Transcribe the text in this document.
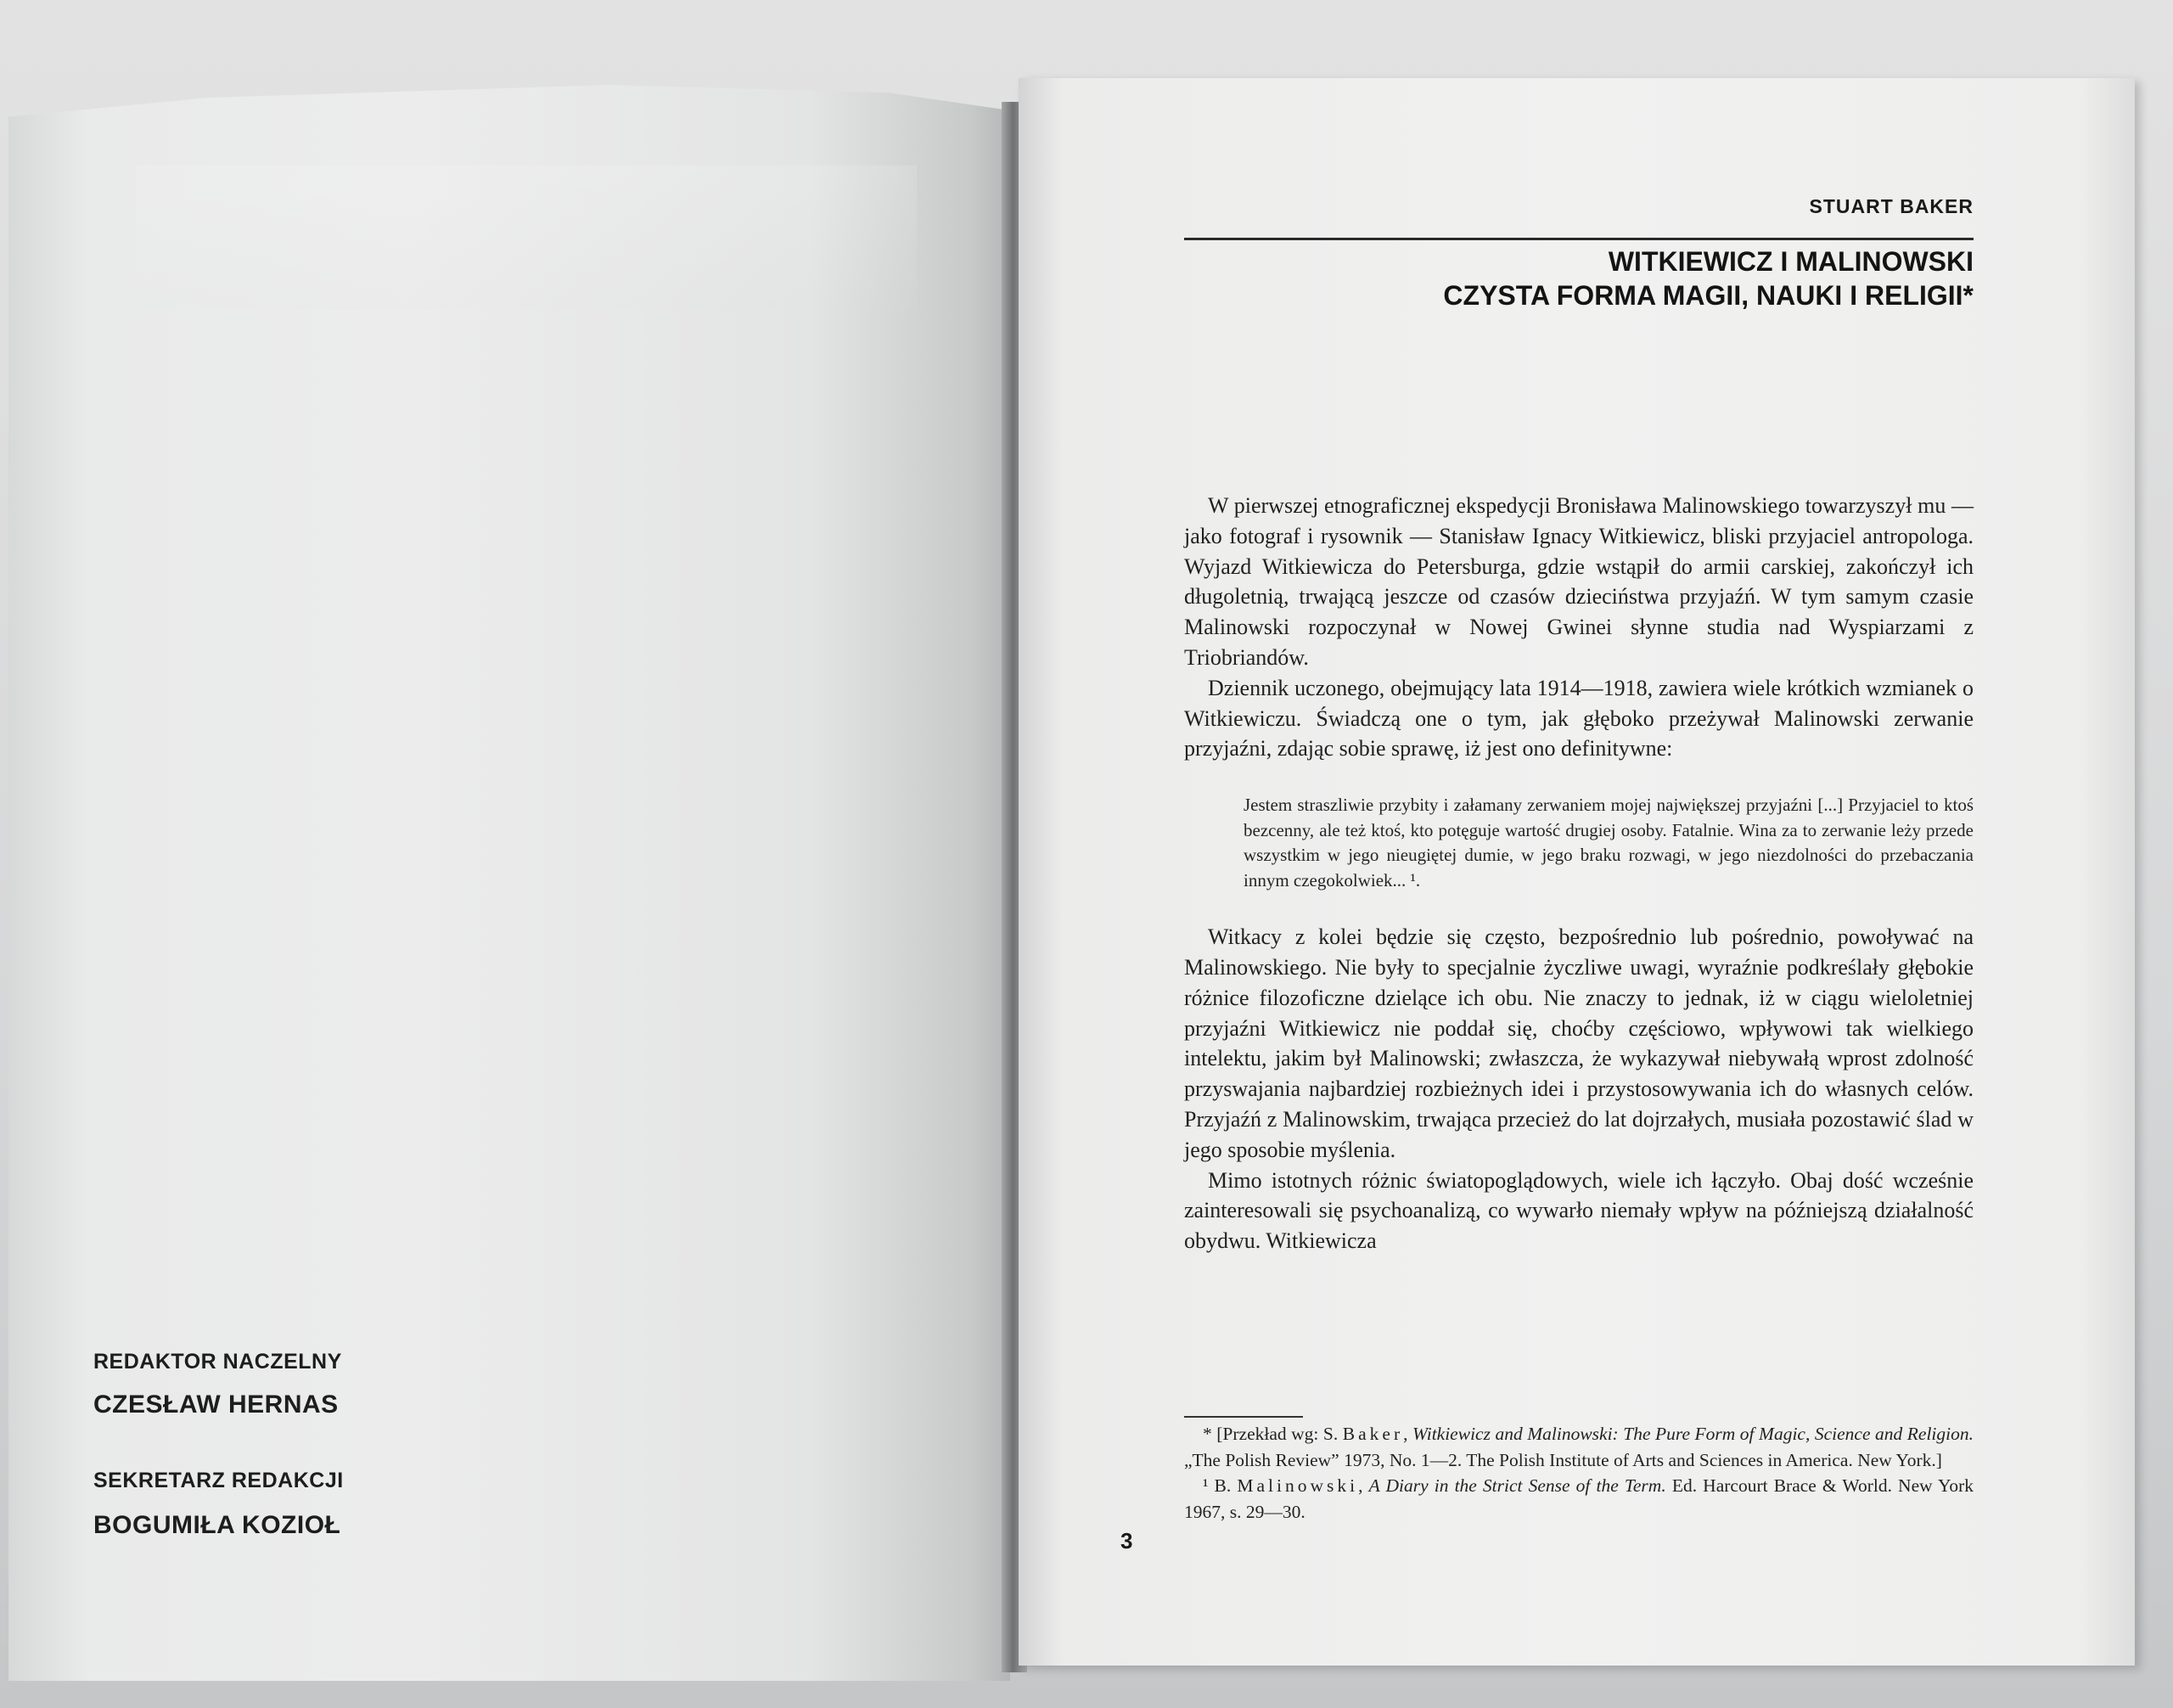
REDAKTOR NACZELNY
CZESŁAW HERNAS
SEKRETARZ REDAKCJI
BOGUMIŁA KOZIOŁ
STUART BAKER
WITKIEWICZ I MALINOWSKI
CZYSTA FORMA MAGII, NAUKI I RELIGII*

W pierwszej etnograficznej ekspedycji Bronisława Malinowskiego towarzyszył mu — jako fotograf i rysownik — Stanisław Ignacy Witkiewicz, bliski przyjaciel antropologa. Wyjazd Witkiewicza do Petersburga, gdzie wstąpił do armii carskiej, zakończył ich długoletnią, trwającą jeszcze od czasów dzieciństwa przyjaźń. W tym samym czasie Malinowski rozpoczynał w Nowej Gwinei słynne studia nad Wyspiarzami z Triobriandów.

Dziennik uczonego, obejmujący lata 1914—1918, zawiera wiele krótkich wzmianek o Witkiewiczu. Świadczą one o tym, jak głęboko przeżywał Malinowski zerwanie przyjaźni, zdając sobie sprawę, iż jest ono definitywne:

Jestem straszliwie przybity i załamany zerwaniem mojej największej przyjaźni [...] Przyjaciel to ktoś bezcenny, ale też ktoś, kto potęguje wartość drugiej osoby. Fatalnie. Wina za to zerwanie leży przede wszystkim w jego nieugiętej dumie, w jego braku rozwagi, w jego niezdolności do przebaczania innym czegokolwiek... ¹.

Witkacy z kolei będzie się często, bezpośrednio lub pośrednio, powoływać na Malinowskiego. Nie były to specjalnie życzliwe uwagi, wyraźnie podkreślały głębokie różnice filozoficzne dzielące ich obu. Nie znaczy to jednak, iż w ciągu wieloletniej przyjaźni Witkiewicz nie poddał się, choćby częściowo, wpływowi tak wielkiego intelektu, jakim był Malinowski; zwłaszcza, że wykazywał niebywałą wprost zdolność przyswajania najbardziej rozbieżnych idei i przystosowywania ich do własnych celów. Przyjaźń z Malinowskim, trwająca przecież do lat dojrzałych, musiała pozostawić ślad w jego sposobie myślenia.

Mimo istotnych różnic światopoglądowych, wiele ich łączyło. Obaj dość wcześnie zainteresowali się psychoanalizą, co wywarło niemały wpływ na późniejszą działalność obydwu. Witkiewicza

* [Przekład wg: S. Baker, Witkiewicz and Malinowski: The Pure Form of Magic, Science and Religion. „The Polish Review” 1973, No. 1—2. The Polish Institute of Arts and Sciences in America. New York.]

¹ B. Malinowski, A Diary in the Strict Sense of the Term. Ed. Harcourt Brace & World. New York 1967, s. 29—30.

3
